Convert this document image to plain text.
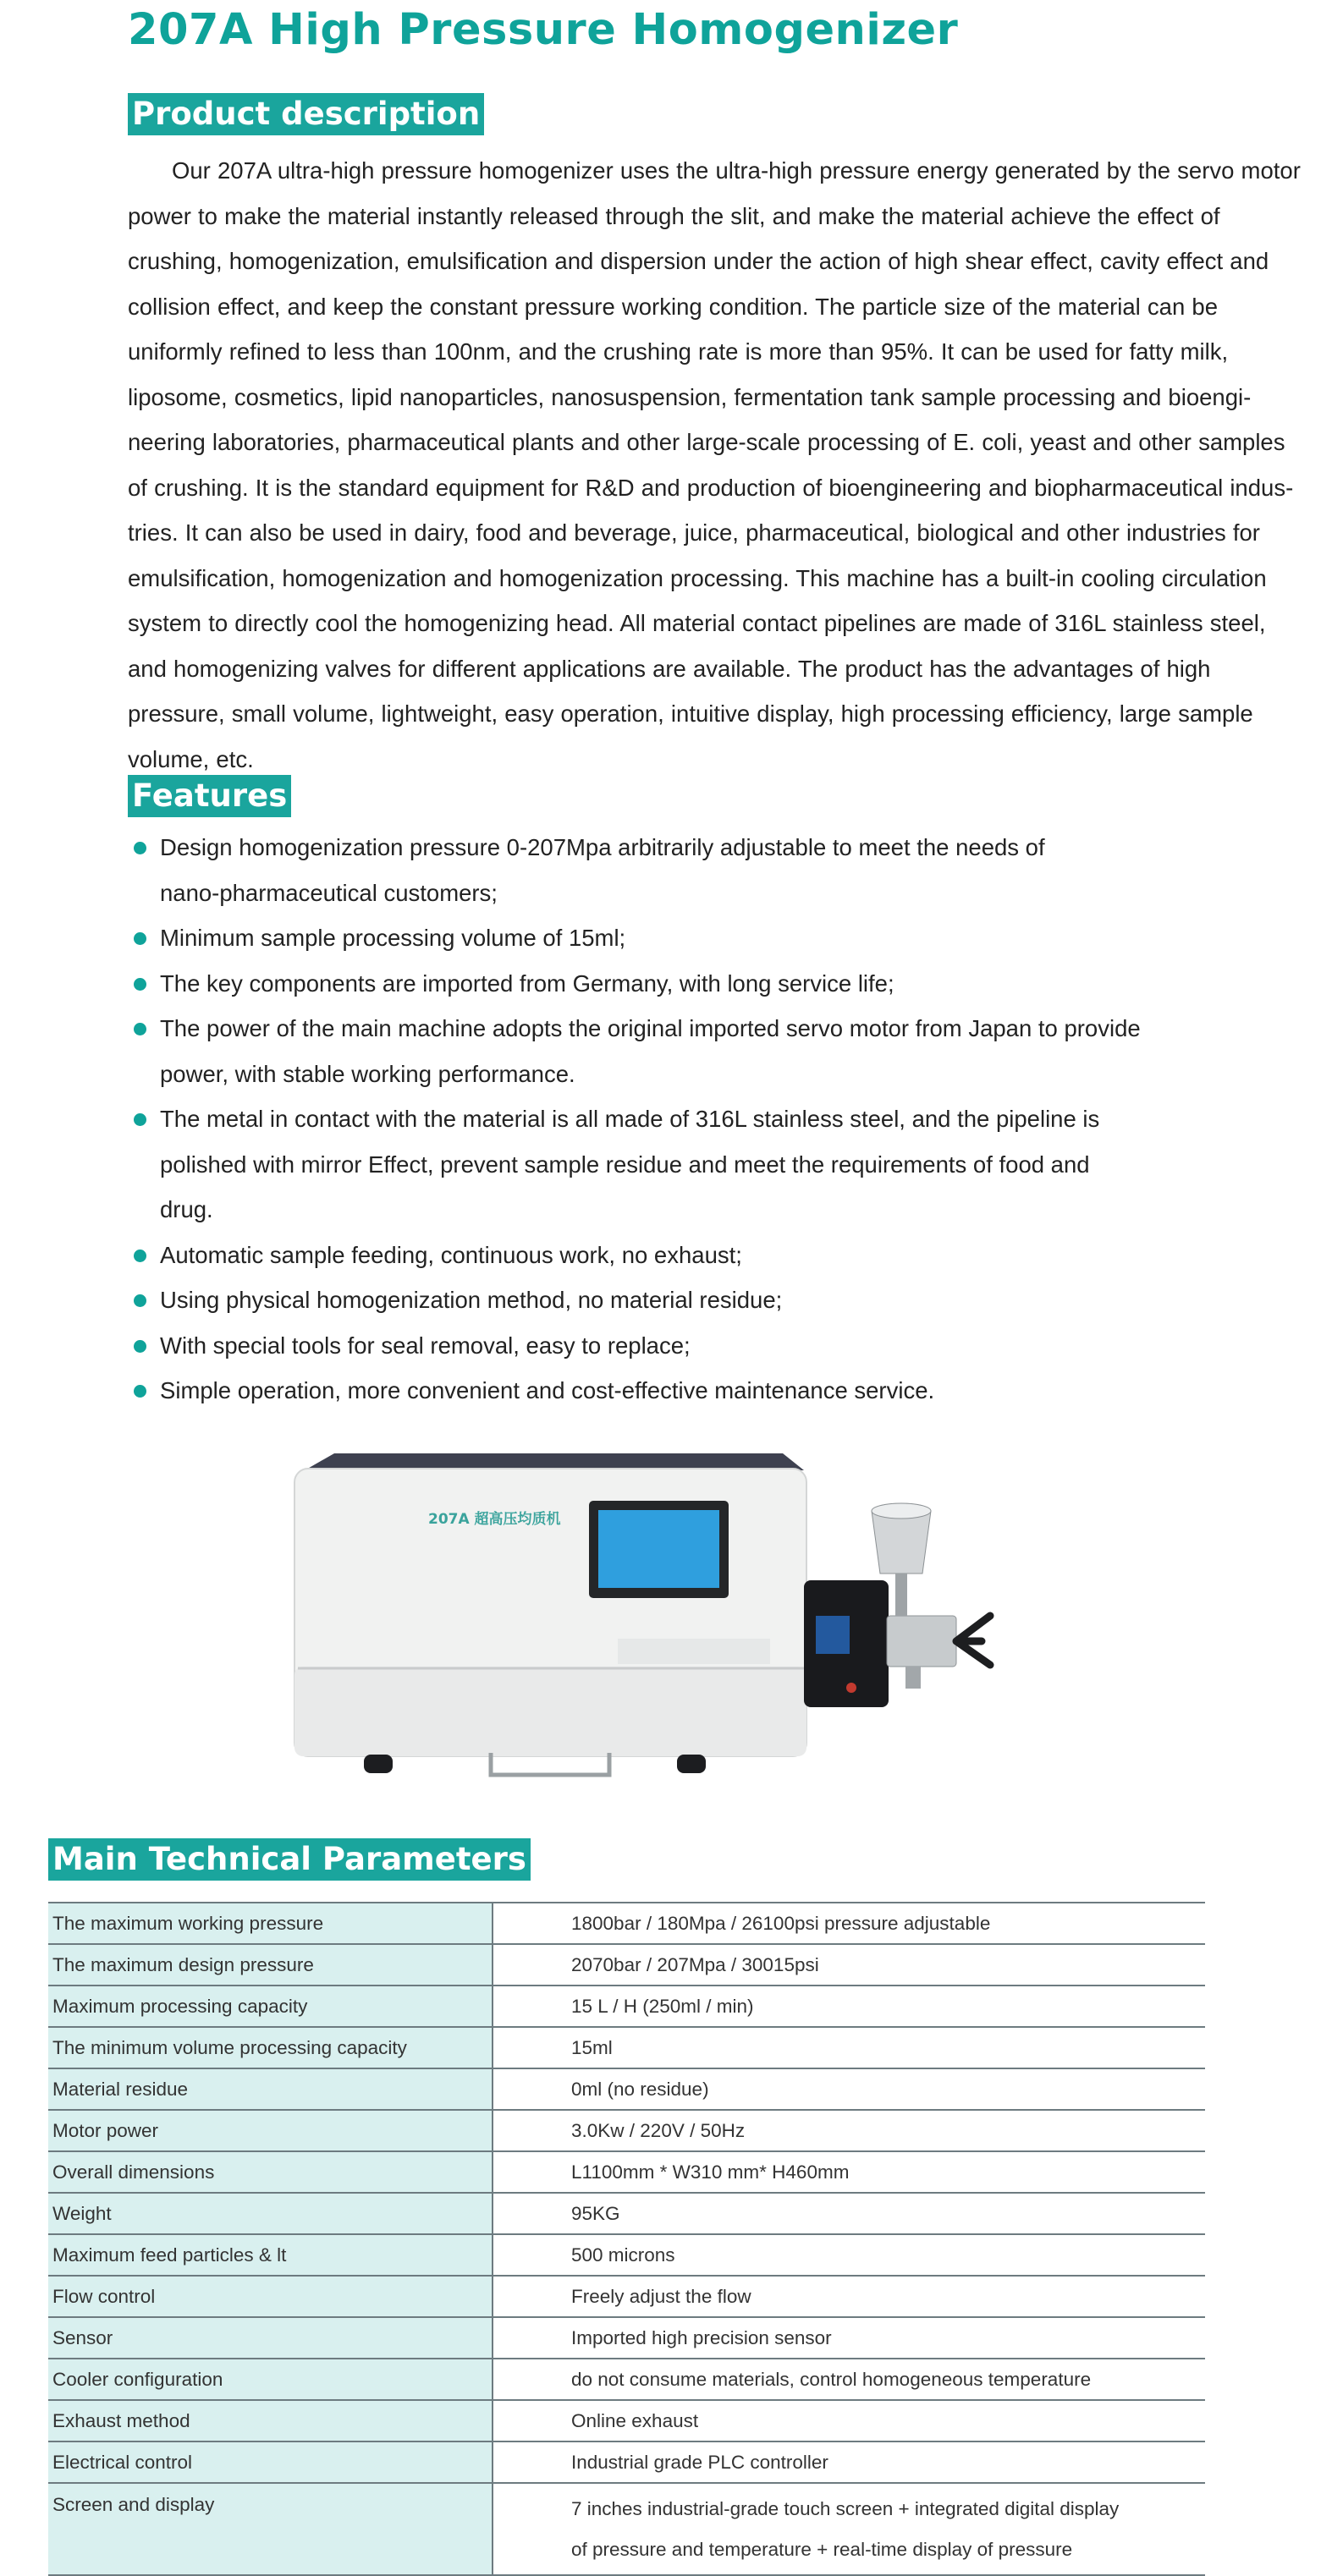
207A High Pressure Homogenizer
Product description

Our 207A ultra-high pressure homogenizer uses the ultra-high pressure energy generated by the servo motor power to make the material instantly released through the slit, and make the material achieve the effect of crushing, homogenization, emulsification and dispersion under the action of high shear effect, cavity effect and collision effect, and keep the constant pressure working condition. The particle size of the material can be uniformly refined to less than 100nm, and the crushing rate is more than 95%. It can be used for fatty milk, liposome, cosmetics, lipid nanoparticles, nanosuspension, fermentation tank sample processing and bioengi-neering laboratories, pharmaceutical plants and other large-scale processing of E. coli, yeast and other samples of crushing. It is the standard equipment for R&D and production of bioengineering and biopharmaceutical indus-tries. It can also be used in dairy, food and beverage, juice, pharmaceutical, biological and other industries for emulsification, homogenization and homogenization processing. This machine has a built-in cooling circulation system to directly cool the homogenizing head. All material contact pipelines are made of 316L stainless steel, and homogenizing valves for different applications are available. The product has the advantages of high pressure, small volume, lightweight, easy operation, intuitive display, high processing efficiency, large sample volume, etc.

Features
Design homogenization pressure 0-207Mpa arbitrarily adjustable to meet the needs of
nano-pharmaceutical customers;
Minimum sample processing volume of 15ml;
The key components are imported from Germany, with long service life;
The power of the main machine adopts the original imported servo motor from Japan to provide
power, with stable working performance.
The metal in contact with the material is all made of 316L stainless steel, and the pipeline is
polished with mirror Effect, prevent sample residue and meet the requirements of food and
drug.
Automatic sample feeding, continuous work, no exhaust;
Using physical homogenization method, no material residue;
With special tools for seal removal, easy to replace;
Simple operation, more convenient and cost-effective maintenance service.
207A 超高压均质机
Main Technical Parameters
The maximum working pressure	1800bar / 180Mpa / 26100psi pressure adjustable
The maximum design pressure	2070bar / 207Mpa / 30015psi
Maximum processing capacity	15 L / H (250ml / min)
The minimum volume processing capacity	15ml
Material residue	0ml (no residue)
Motor power	3.0Kw / 220V / 50Hz
Overall dimensions	L1100mm * W310 mm* H460mm
Weight	95KG
Maximum feed particles & lt	500 microns
Flow control	Freely adjust the flow
Sensor	Imported high precision sensor
Cooler configuration	do not consume materials, control homogeneous temperature
Exhaust method	Online exhaust
Electrical control	Industrial grade PLC controller
Screen and display	7 inches industrial-grade touch screen + integrated digital display
of pressure and temperature + real-time display of pressure
